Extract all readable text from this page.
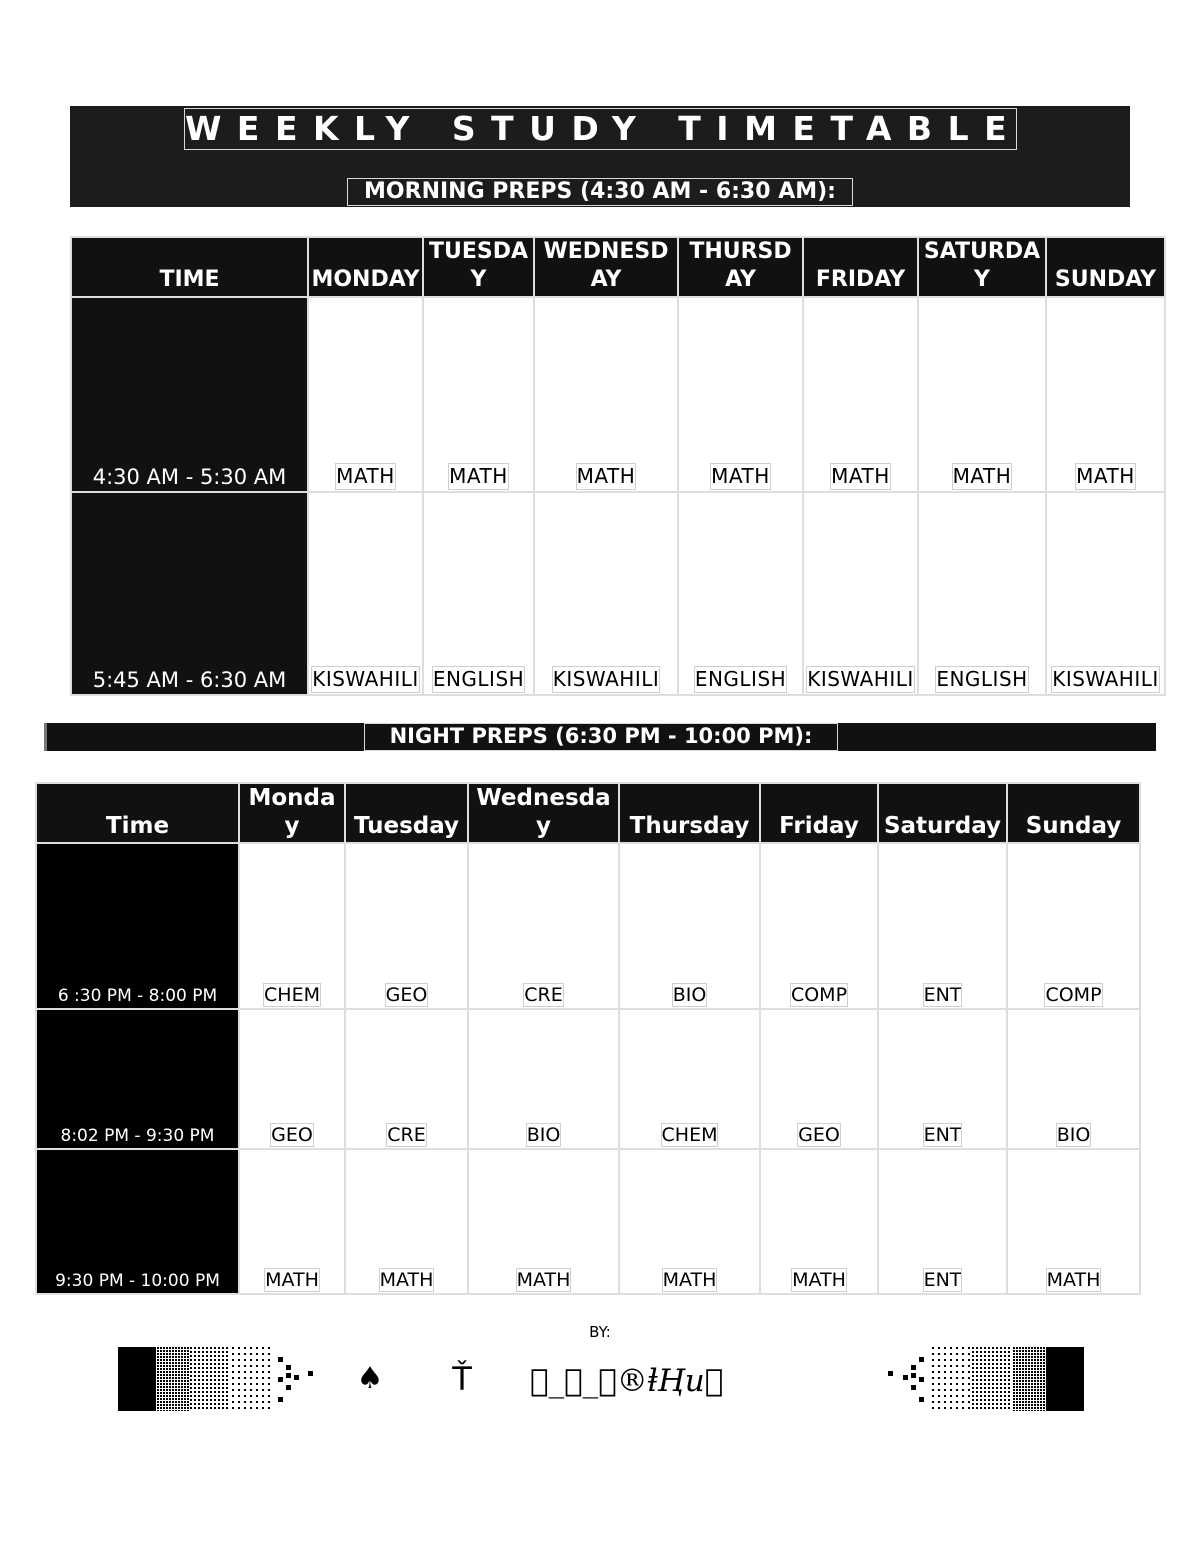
WEEKLY STUDY TIMETABLE
MORNING PREPS (4:30 AM - 6:30 AM):
TIME	MONDAY	TUESDAY	WEDNESDAY	THURSDAY	FRIDAY	SATURDAY	SUNDAY
4:30 AM - 5:30 AM	MATH	MATH	MATH	MATH	MATH	MATH	MATH
5:45 AM - 6:30 AM	KISWAHILI	ENGLISH	KISWAHILI	ENGLISH	KISWAHILI	ENGLISH	KISWAHILI
NIGHT PREPS (6:30 PM - 10:00 PM):
Time	Monday	Tuesday	Wednesday	Thursday	Friday	Saturday	Sunday
6 :30 PM - 8:00 PM	CHEM	GEO	CRE	BIO	COMP	ENT	COMP
8:02 PM - 9:30 PM	GEO	CRE	BIO	CHEM	GEO	ENT	BIO
9:30 PM - 10:00 PM	MATH	MATH	MATH	MATH	MATH	ENT	MATH
BY:
♠ Ť 𝓟_Ⓖ_𝓐®ⱡⱧu⃞
